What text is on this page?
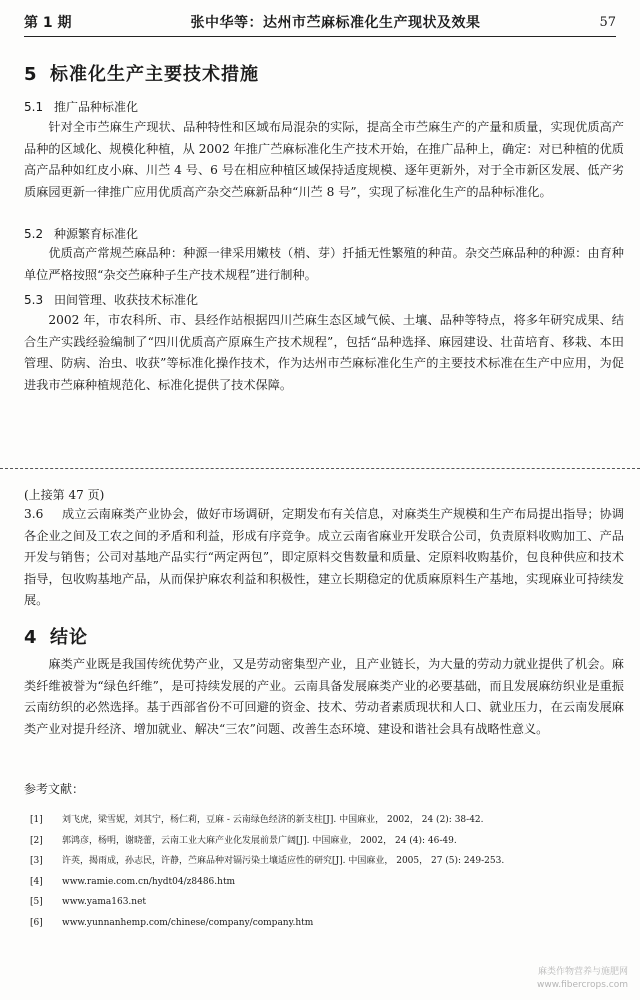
第 1 期	张中华等：达州市苎麻标准化生产现状及效果	57
5 标准化生产主要技术措施
5.1 推广品种标准化

针对全市苎麻生产现状、品种特性和区域布局混杂的实际，提高全市苎麻生产的产量和质量，实现优质高产品种的区域化、规模化种植，从 2002 年推广苎麻标准化生产技术开始，在推广品种上，确定：对已种植的优质高产品种如红皮小麻、川苎 4 号、6 号在相应种植区域保持适度规模、逐年更新外，对于全市新区发展、低产劣质麻园更新一律推广应用优质高产杂交苎麻新品种“川苎 8 号”，实现了标准化生产的品种标准化。

5.2 种源繁育标准化

优质高产常规苎麻品种：种源一律采用嫩枝（梢、芽）扦插无性繁殖的种苗。杂交苎麻品种的种源：由育种单位严格按照“杂交苎麻种子生产技术规程”进行制种。

5.3 田间管理、收获技术标准化

2002 年，市农科所、市、县经作站根据四川苎麻生态区域气候、土壤、品种等特点，将多年研究成果、结合生产实践经验编制了“四川优质高产原麻生产技术规程”，包括“品种选择、麻园建设、壮苗培育、移栽、本田管理、防病、治虫、收获”等标准化操作技术，作为达州市苎麻标准化生产的主要技术标准在生产中应用，为促进我市苎麻种植规范化、标准化提供了技术保障。

(上接第 47 页)

3.6 成立云南麻类产业协会，做好市场调研，定期发布有关信息，对麻类生产规模和生产布局提出指导；协调各企业之间及工农之间的矛盾和利益，形成有序竞争。成立云南省麻业开发联合公司，负责原料收购加工、产品开发与销售；公司对基地产品实行“两定两包”，即定原料交售数量和质量、定原料收购基价，包良种供应和技术指导，包收购基地产品，从而保护麻农利益和积极性，建立长期稳定的优质麻原料生产基地，实现麻业可持续发展。

4 结论

麻类产业既是我国传统优势产业，又是劳动密集型产业，且产业链长，为大量的劳动力就业提供了机会。麻类纤维被誉为“绿色纤维”，是可持续发展的产业。云南具备发展麻类产业的必要基础，而且发展麻纺织业是重振云南纺织的必然选择。基于西部省份不可回避的资金、技术、劳动者素质现状和人口、就业压力，在云南发展麻类产业对提升经济、增加就业、解决“三农”问题、改善生态环境、建设和谐社会具有战略性意义。

参考文献：
[1]	刘飞虎，梁雪妮，刘其宁，杨仁莉，豆麻 - 云南绿色经济的新支柱[J]. 中国麻业， 2002， 24 (2): 38-42.
[2]	郭鸿彦，杨明，谢晓蕾，云南工业大麻产业化发展前景广阔[J]. 中国麻业， 2002， 24 (4): 46-49.
[3]	许英，揭雨成，孙志民，许静，苎麻品种对镉污染土壤适应性的研究[J]. 中国麻业， 2005， 27 (5): 249-253.
[4]	www.ramie.com.cn/hydt04/z8486.htm
[5]	www.yama163.net
[6]	www.yunnanhemp.com/chinese/company/company.htm
麻类作物营养与施肥网
www.fibercrops.com
